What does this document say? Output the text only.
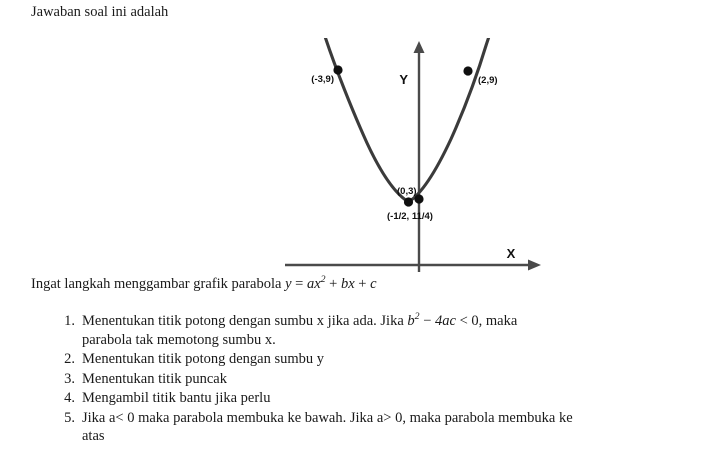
Jawaban soal ini adalah
(-3,9)	(2,9)
(0,3)
(-1/2, 11/4)
Y
X
Ingat langkah menggambar grafik parabola $y = ax^2$ + bx + c
1. Menentukan titik potong dengan sumbu x jika ada. Jika $b^2 - 4ac < 0$, maka
parabola tak memotong sumbu x.
2. Menentukan titik potong dengan sumbu y
3. Menentukan titik puncak
4. Mengambil titik bantu jika perlu
5. Jika a< 0 maka parabola membuka ke bawah. Jika a> 0, maka parabola membuka ke
atas
